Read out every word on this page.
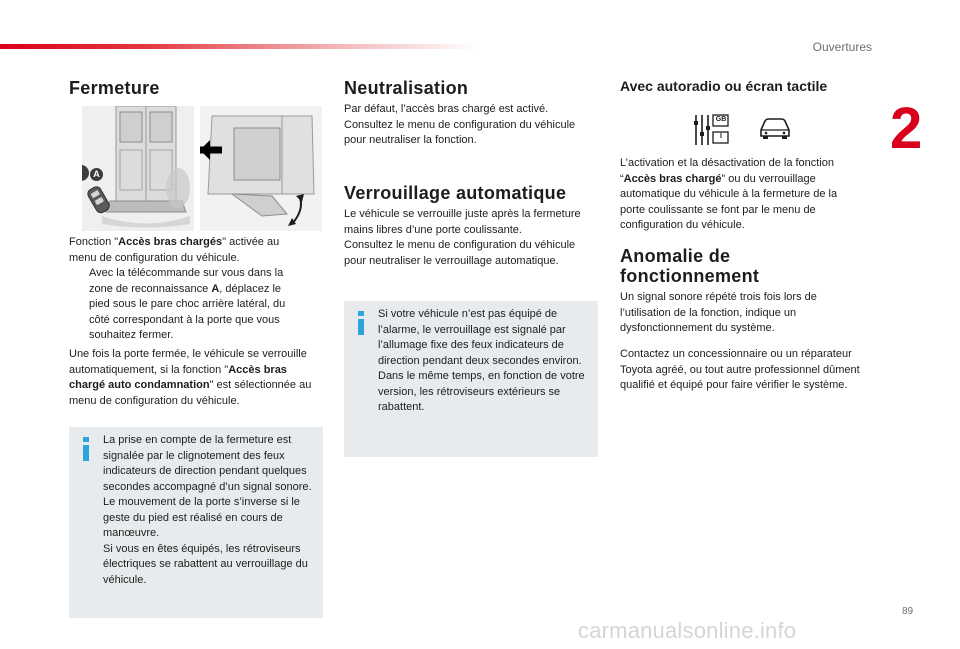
Ouvertures
2
Fermeture
A

Fonction "Accès bras chargés" activée au menu de configuration du véhicule.

Avec la télécommande sur vous dans la zone de reconnaissance A, déplacez le pied sous le pare choc arrière latéral, du côté correspondant à la porte que vous souhaitez fermer.

Une fois la porte fermée, le véhicule se verrouille automatiquement, si la fonction "Accès bras chargé auto condamnation" est sélectionnée au menu de configuration du véhicule.

La prise en compte de la fermeture est signalée par le clignotement des feux indicateurs de direction pendant quelques secondes accompagné d’un signal sonore.
Le mouvement de la porte s’inverse si le geste du pied est réalisé en cours de manœuvre.
Si vous en êtes équipés, les rétroviseurs électriques se rabattent au verrouillage du véhicule.

Neutralisation

Par défaut, l’accès bras chargé est activé.
Consultez le menu de configuration du véhicule pour neutraliser la fonction.

Verrouillage automatique

Le véhicule se verrouille juste après la fermeture mains libres d’une porte coulissante.
Consultez le menu de configuration du véhicule pour neutraliser le verrouillage automatique.

Si votre véhicule n’est pas équipé de l’alarme, le verrouillage est signalé par l’allumage fixe des feux indicateurs de direction pendant deux secondes environ.
Dans le même temps, en fonction de votre version, les rétroviseurs extérieurs se rabattent.

Avec autoradio ou écran tactile
GB
I

L’activation et la désactivation de la fonction “Accès bras chargé” ou du verrouillage automatique du véhicule à la fermeture de la porte coulissante se font par le menu de configuration du véhicule.

Anomalie de
fonctionnement

Un signal sonore répété trois fois lors de l’utilisation de la fonction, indique un dysfonctionnement du système.

Contactez un concessionnaire ou un réparateur Toyota agréé, ou tout autre professionnel dûment qualifié et équipé pour faire vérifier le système.

89
carmanualsonline.info
